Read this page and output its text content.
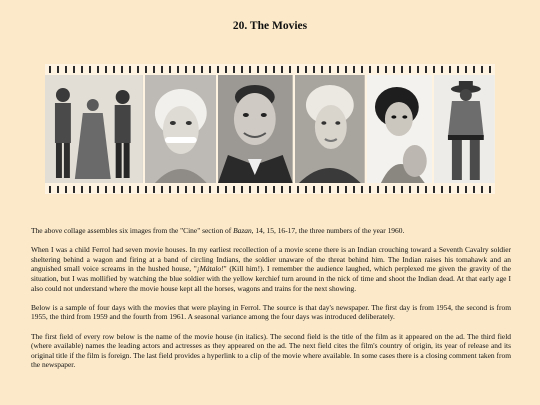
20. The Movies

The above collage assembles six images from the "Cine" section of Bazan, 14, 15, 16-17, the three numbers of the year 1960.

When I was a child Ferrol had seven movie houses. In my earliest recollection of a movie scene there is an Indian crouching toward a Seventh Cavalry soldier sheltering behind a wagon and firing at a band of circling Indians, the soldier unaware of the threat behind him. The Indian raises his tomahawk and an anguished small voice screams in the hushed house, "¡Mátalo!" (Kill him!). I remember the audience laughed, which perplexed me given the gravity of the situation, but I was mollified by watching the blue soldier with the yellow kerchief turn around in the nick of time and shoot the Indian dead. At that early age I also could not understand where the movie house kept all the horses, wagons and trains for the next showing.

Below is a sample of four days with the movies that were playing in Ferrol. The source is that day's newspaper. The first day is from 1954, the second is from 1955, the third from 1959 and the fourth from 1961. A seasonal variance among the four days was introduced deliberately.

The first field of every row below is the name of the movie house (in italics). The second field is the title of the film as it appeared on the ad. The third field (where available) names the leading actors and actresses as they appeared on the ad. The next field cites the film's country of origin, its year of release and its original title if the film is foreign. The last field provides a hyperlink to a clip of the movie where available. In some cases there is a closing comment taken from the newspaper.
